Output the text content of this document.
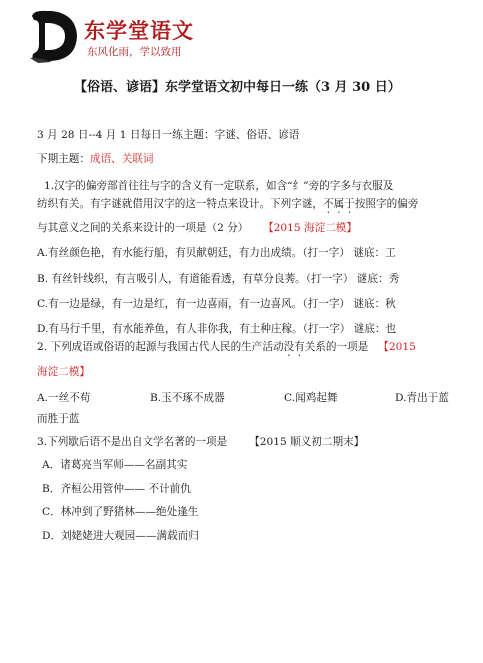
东学堂语文
东风化雨，学以致用
【俗语、谚语】东学堂语文初中每日一练（3 月 30 日）
3 月 28 日--4 月 1 日每日一练主题：字谜、俗语、谚语
下期主题：成语、关联词
1.汉字的偏旁部首往往与字的含义有一定联系，如含“纟”旁的字多与衣服及
纺织有关。有字谜就借用汉字的这一特点来设计。下列字谜，不属于按照字的偏旁
与其意义之间的关系来设计的一项是（2 分） 【2015 海淀二模】
A.有丝颜色艳，有水能行船，有贝献朝廷，有力出成绩。（打一字） 谜底：工
B. 有丝针线织，有言吸引人，有道能看透，有草分良莠。（打一字） 谜底：秀
C.有一边是绿，有一边是红，有一边喜雨，有一边喜风。（打一字） 谜底：秋
D.有马行千里，有水能养鱼，有人非你我，有土种庄稼。（打一字） 谜底：也
2. 下列成语或俗语的起源与我国古代人民的生产活动没有关系的一项是 【2015
海淀二模】
A.一丝不苟	B.玉不琢不成器	C.闻鸡起舞	D.青出于蓝
而胜于蓝
3.下列歇后语不是出自文学名著的一项是 【2015 顺义初二期末】
A．诸葛亮当军师——名副其实
B．齐桓公用管仲—— 不计前仇
C．林冲到了野猪林——绝处逢生
D．刘姥姥进大观园——满载而归
